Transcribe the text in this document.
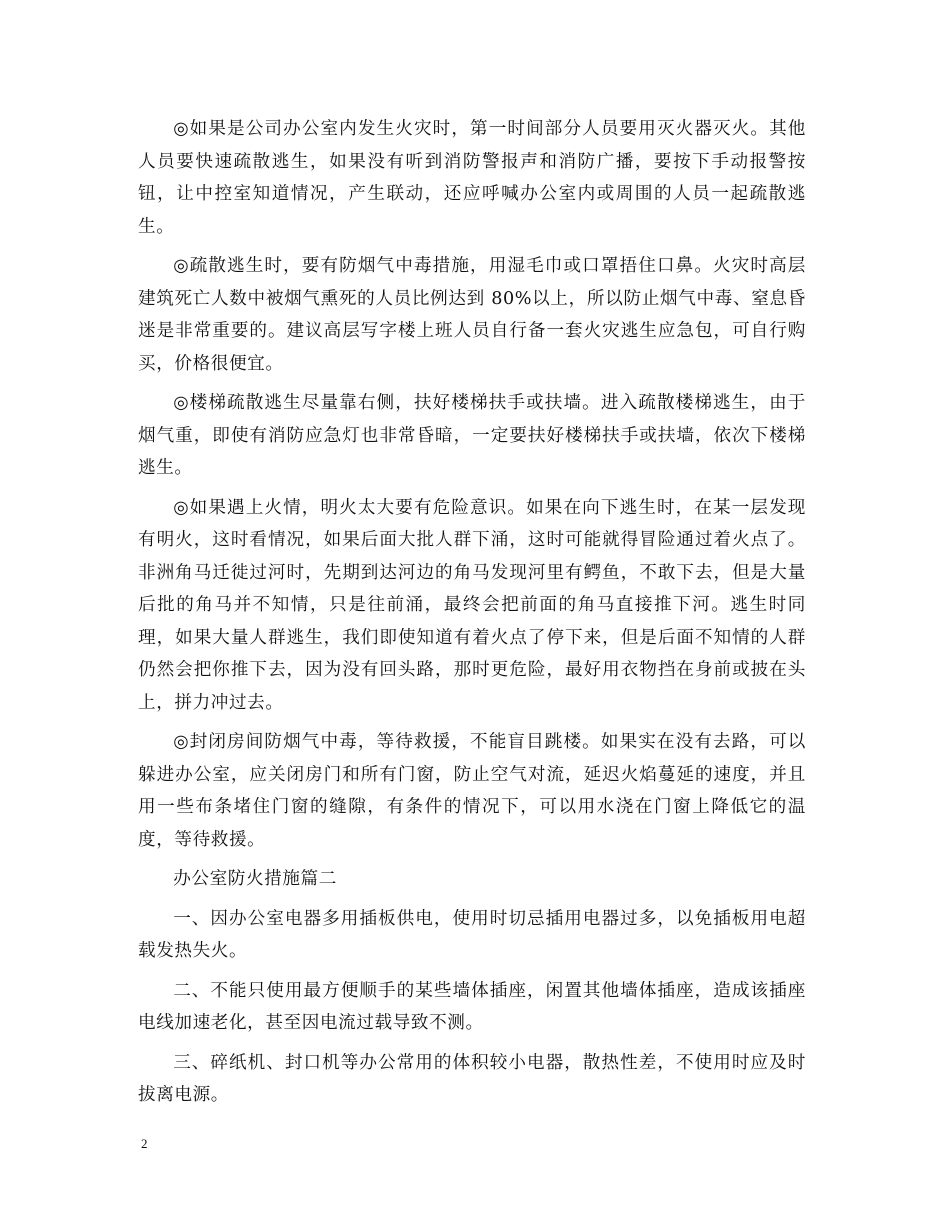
◎如果是公司办公室内发生火灾时，第一时间部分人员要用灭火器灭火。其他人员要快速疏散逃生，如果没有听到消防警报声和消防广播，要按下手动报警按钮，让中控室知道情况，产生联动，还应呼喊办公室内或周围的人员一起疏散逃生。

◎疏散逃生时，要有防烟气中毒措施，用湿毛巾或口罩捂住口鼻。火灾时高层建筑死亡人数中被烟气熏死的人员比例达到 80%以上，所以防止烟气中毒、窒息昏迷是非常重要的。建议高层写字楼上班人员自行备一套火灾逃生应急包，可自行购买，价格很便宜。

◎楼梯疏散逃生尽量靠右侧，扶好楼梯扶手或扶墙。进入疏散楼梯逃生，由于烟气重，即使有消防应急灯也非常昏暗，一定要扶好楼梯扶手或扶墙，依次下楼梯逃生。

◎如果遇上火情，明火太大要有危险意识。如果在向下逃生时，在某一层发现有明火，这时看情况，如果后面大批人群下涌，这时可能就得冒险通过着火点了。非洲角马迁徙过河时，先期到达河边的角马发现河里有鳄鱼，不敢下去，但是大量后批的角马并不知情，只是往前涌，最终会把前面的角马直接推下河。逃生时同理，如果大量人群逃生，我们即使知道有着火点了停下来，但是后面不知情的人群仍然会把你推下去，因为没有回头路，那时更危险，最好用衣物挡在身前或披在头上，拼力冲过去。

◎封闭房间防烟气中毒，等待救援，不能盲目跳楼。如果实在没有去路，可以躲进办公室，应关闭房门和所有门窗，防止空气对流，延迟火焰蔓延的速度，并且用一些布条堵住门窗的缝隙，有条件的情况下，可以用水浇在门窗上降低它的温度，等待救援。

办公室防火措施篇二

一、因办公室电器多用插板供电，使用时切忌插用电器过多，以免插板用电超载发热失火。

二、不能只使用最方便顺手的某些墙体插座，闲置其他墙体插座，造成该插座电线加速老化，甚至因电流过载导致不测。

三、碎纸机、封口机等办公常用的体积较小电器，散热性差，不使用时应及时拔离电源。

2
